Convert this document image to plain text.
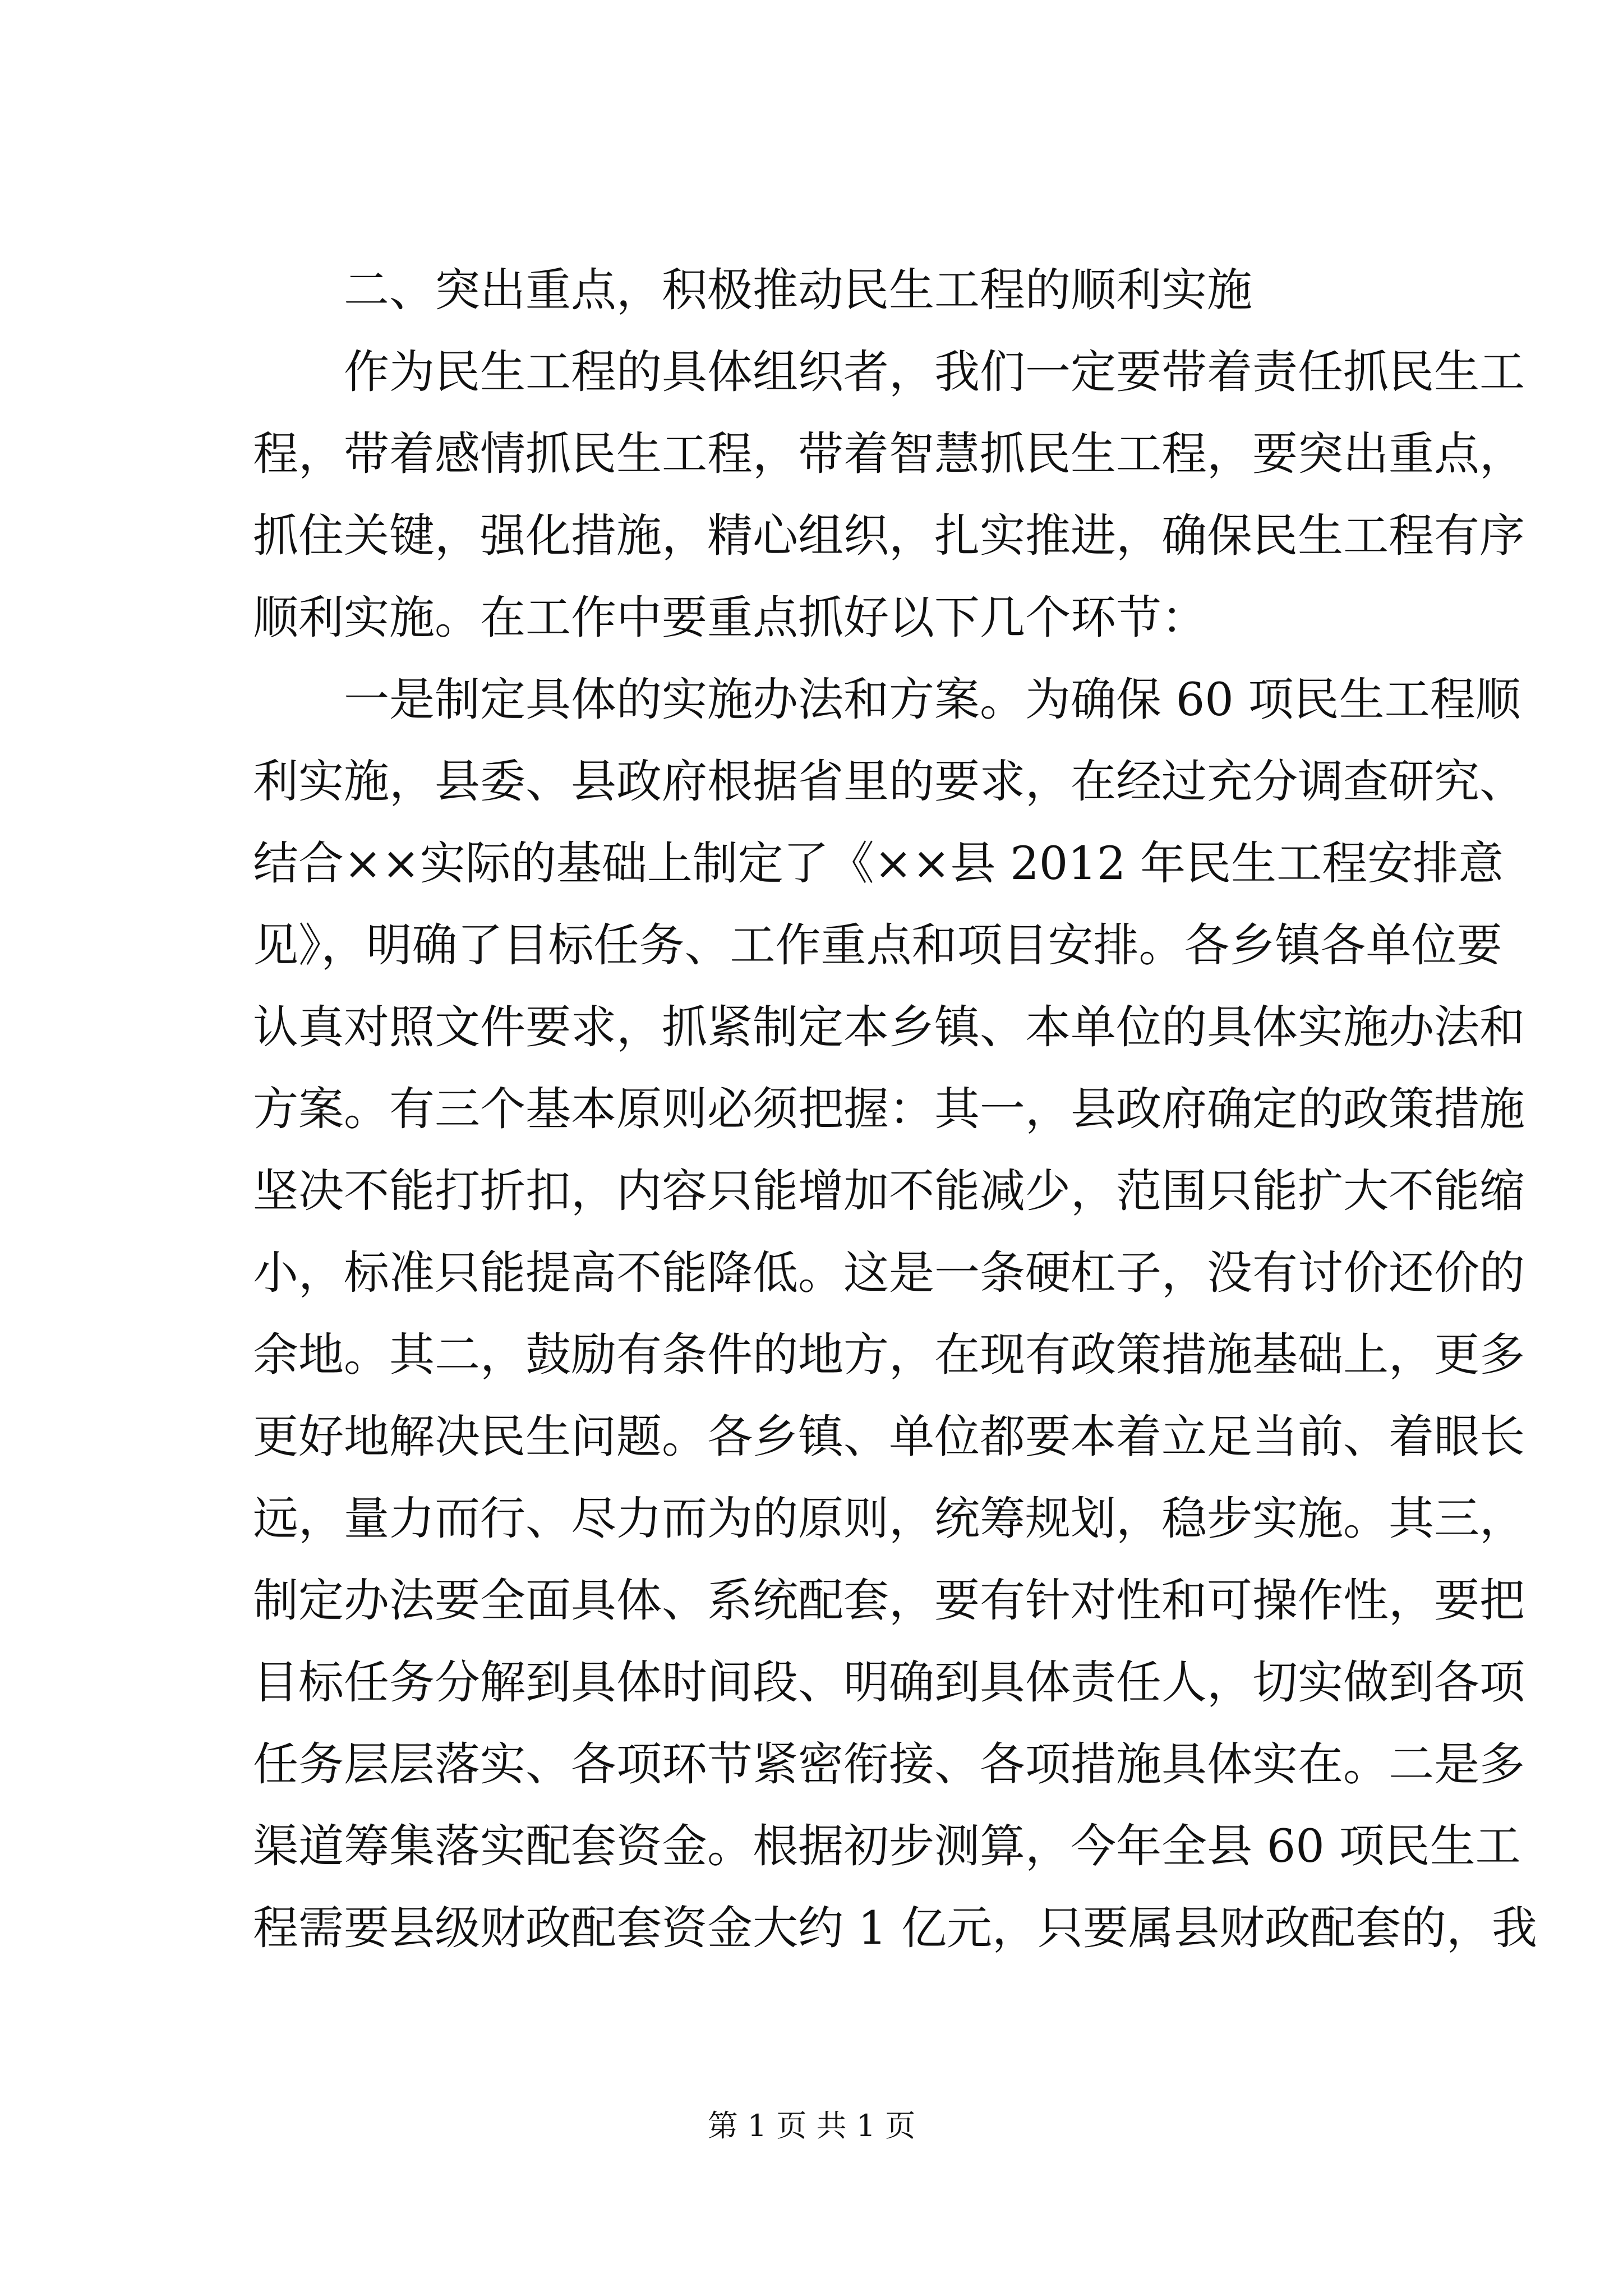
二、突出重点，积极推动民生工程的顺利实施
作为民生工程的具体组织者，我们一定要带着责任抓民生工
程，带着感情抓民生工程，带着智慧抓民生工程，要突出重点，
抓住关键，强化措施，精心组织，扎实推进，确保民生工程有序
顺利实施。在工作中要重点抓好以下几个环节：
一是制定具体的实施办法和方案。为确保 60 项民生工程顺
利实施，县委、县政府根据省里的要求，在经过充分调查研究、
结合××实际的基础上制定了《××县 2012 年民生工程安排意
见》，明确了目标任务、工作重点和项目安排。各乡镇各单位要
认真对照文件要求，抓紧制定本乡镇、本单位的具体实施办法和
方案。有三个基本原则必须把握：其一，县政府确定的政策措施
坚决不能打折扣，内容只能增加不能减少，范围只能扩大不能缩
小，标准只能提高不能降低。这是一条硬杠子，没有讨价还价的
余地。其二，鼓励有条件的地方，在现有政策措施基础上，更多
更好地解决民生问题。各乡镇、单位都要本着立足当前、着眼长
远，量力而行、尽力而为的原则，统筹规划，稳步实施。其三，
制定办法要全面具体、系统配套，要有针对性和可操作性，要把
目标任务分解到具体时间段、明确到具体责任人，切实做到各项
任务层层落实、各项环节紧密衔接、各项措施具体实在。二是多
渠道筹集落实配套资金。根据初步测算，今年全县 60 项民生工
程需要县级财政配套资金大约 1 亿元，只要属县财政配套的，我
第 1 页 共 1 页
